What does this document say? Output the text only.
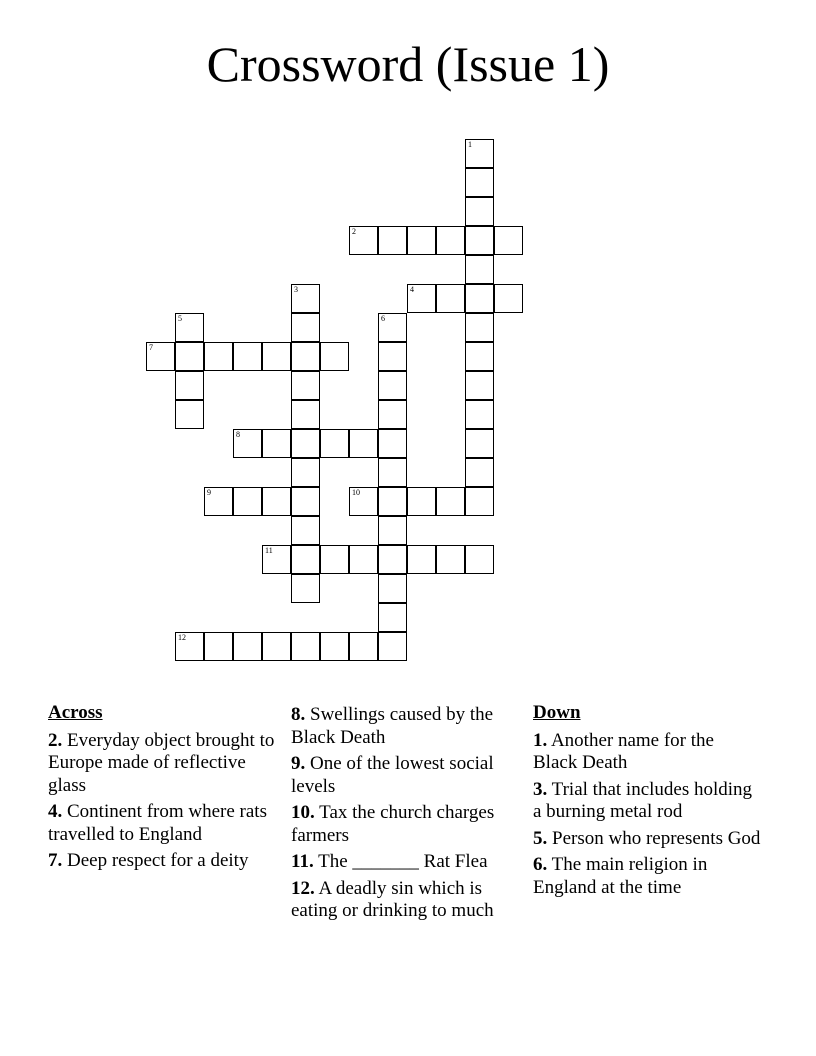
Crossword (Issue 1)
1
2
3	4
5	6
7
8
9	10
11
12
Across
2. Everyday object brought to Europe made of reflective glass
4. Continent from where rats travelled to England
7. Deep respect for a deity
8. Swellings caused by the Black Death
9. One of the lowest social levels
10. Tax the church charges farmers
11. The _______ Rat Flea
12. A deadly sin which is eating or drinking to much
Down
1. Another name for the Black Death
3. Trial that includes holding a burning metal rod
5. Person who represents God
6. The main religion in England at the time
